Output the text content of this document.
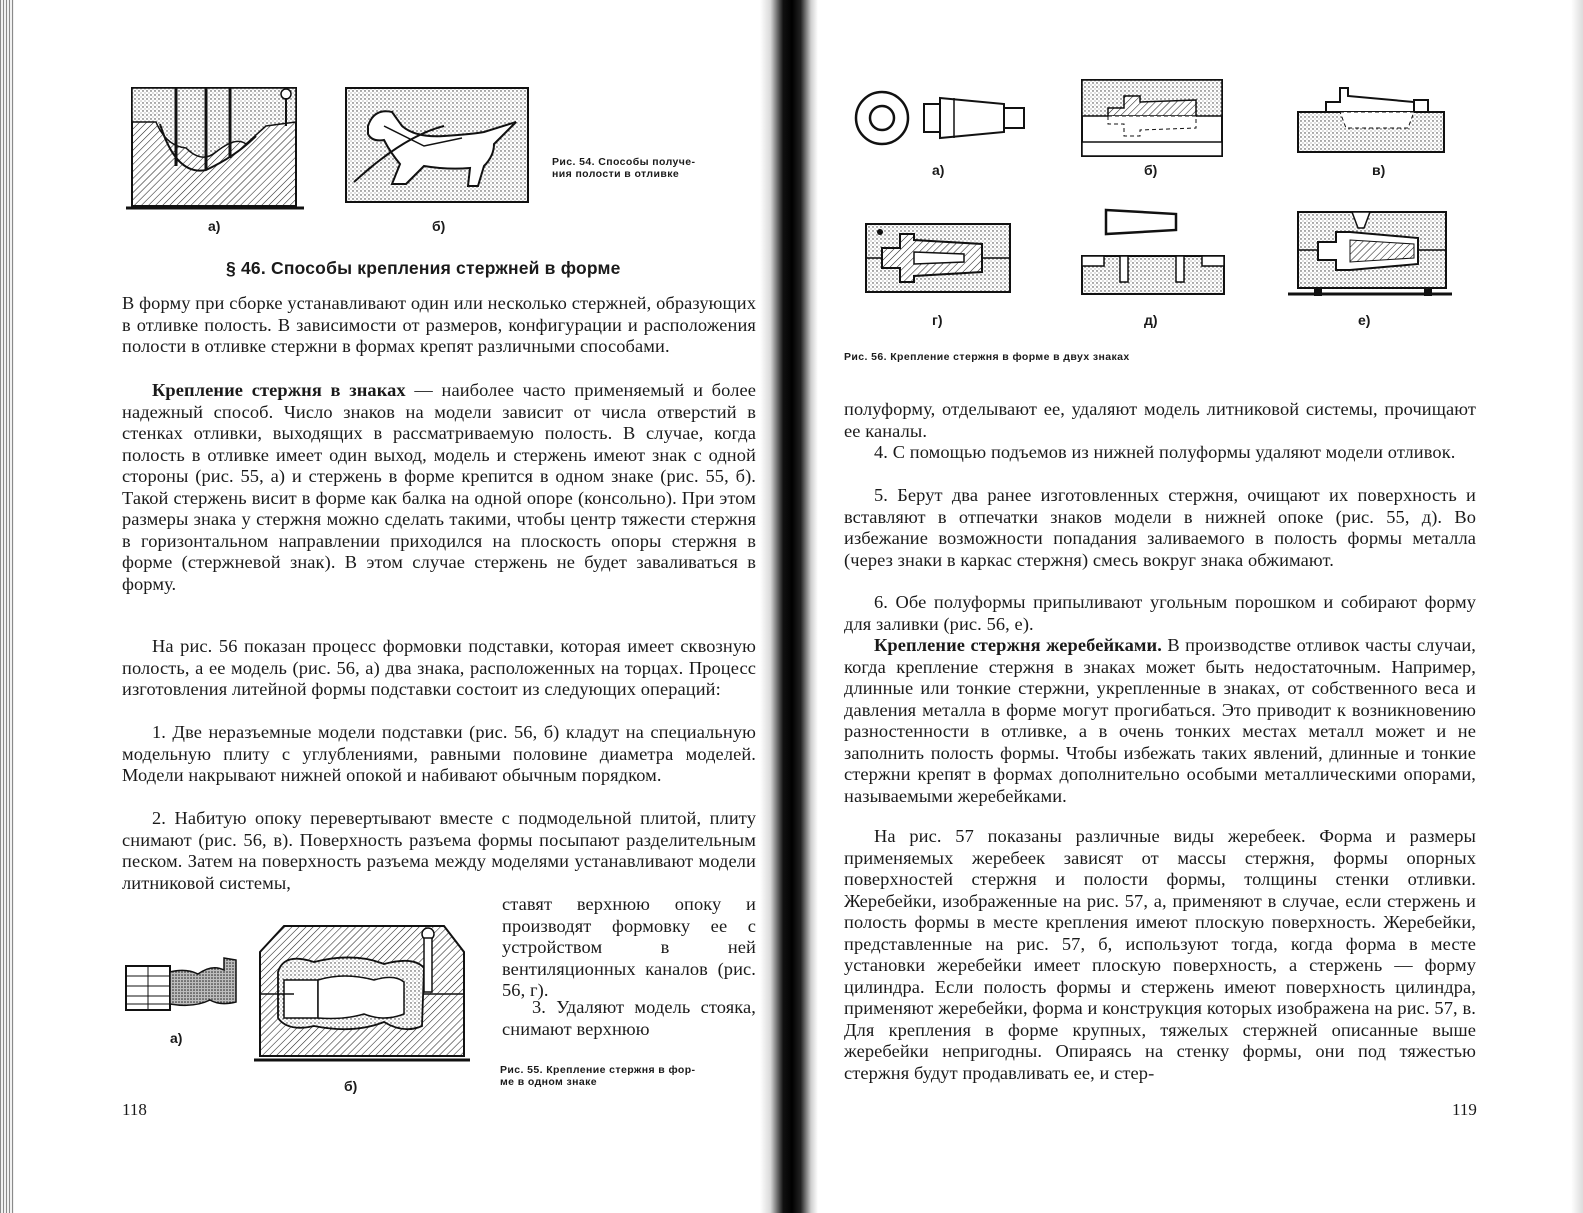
а)	б)
Рис. 54. Способы получе-
ния полости в отливке
§ 46. Способы крепления стержней в форме

В форму при сборке устанавливают один или несколько стержней, образующих в отливке полость. В зависимости от размеров, конфигурации и расположения полости в отливке стержни в формах крепят различными способами.

Крепление стержня в знаках — наиболее часто применяемый и более надежный способ. Число знаков на модели зависит от числа отверстий в стенках отливки, выходящих в рассматриваемую полость. В случае, когда полость в отливке имеет один выход, модель и стержень имеют знак с одной стороны (рис. 55, а) и стержень в форме крепится в одном знаке (рис. 55, б). Такой стержень висит в форме как балка на одной опоре (консольно). При этом размеры знака у стержня можно сделать такими, чтобы центр тяжести стержня в горизонтальном направлении приходился на плоскость опоры стержня в форме (стержневой знак). В этом случае стержень не будет заваливаться в форму.

На рис. 56 показан процесс формовки подставки, которая имеет сквозную полость, а ее модель (рис. 56, а) два знака, расположенных на торцах. Процесс изготовления литейной формы подставки состоит из следующих операций:

1. Две неразъемные модели подставки (рис. 56, б) кладут на специальную модельную плиту с углублениями, равными половине диаметра моделей. Модели накрывают нижней опокой и набивают обычным порядком.

2. Набитую опоку перевертывают вместе с подмодельной плитой, плиту снимают (рис. 56, в). Поверхность разъема формы посыпают разделительным песком. Затем на поверхность разъема между моделями устанавливают модели литниковой системы,

ставят верхнюю опоку и производят формовку ее с устройством в ней вентиляционных каналов (рис. 56, г).

3. Удаляют модель стояка, снимают верхнюю

а)
б)
Рис. 55. Крепление стержня в фор-
ме в одном знаке
118
а)	б)	в)
г)	д)	е)
Рис. 56. Крепление стержня в форме в двух знаках

полуформу, отделывают ее, удаляют модель литниковой системы, прочищают ее каналы.

4. С помощью подъемов из нижней полуформы удаляют модели отливок.

5. Берут два ранее изготовленных стержня, очищают их поверхность и вставляют в отпечатки знаков модели в нижней опоке (рис. 55, д). Во избежание возможности попадания заливаемого в полость формы металла (через знаки в каркас стержня) смесь вокруг знака обжимают.

6. Обе полуформы припыливают угольным порошком и собирают форму для заливки (рис. 56, е).

Крепление стержня жеребейками. В производстве отливок часты случаи, когда крепление стержня в знаках может быть недостаточным. Например, длинные или тонкие стержни, укрепленные в знаках, от собственного веса и давления металла в форме могут прогибаться. Это приводит к возникновению разностенности в отливке, а в очень тонких местах металл может и не заполнить полость формы. Чтобы избежать таких явлений, длинные и тонкие стержни крепят в формах дополнительно особыми металлическими опорами, называемыми жеребейками.

На рис. 57 показаны различные виды жеребеек. Форма и размеры применяемых жеребеек зависят от массы стержня, формы опорных поверхностей стержня и полости формы, толщины стенки отливки. Жеребейки, изображенные на рис. 57, а, применяют в случае, если стержень и полость формы в месте крепления имеют плоскую поверхность. Жеребейки, представленные на рис. 57, б, используют тогда, когда форма в месте установки жеребейки имеет плоскую поверхность, а стержень — форму цилиндра. Если полость формы и стержень имеют поверхность цилиндра, применяют жеребейки, форма и конструкция которых изображена на рис. 57, в. Для крепления в форме крупных, тяжелых стержней описанные выше жеребейки непригодны. Опираясь на стенку формы, они под тяжестью стержня будут продавливать ее, и стер-

119
